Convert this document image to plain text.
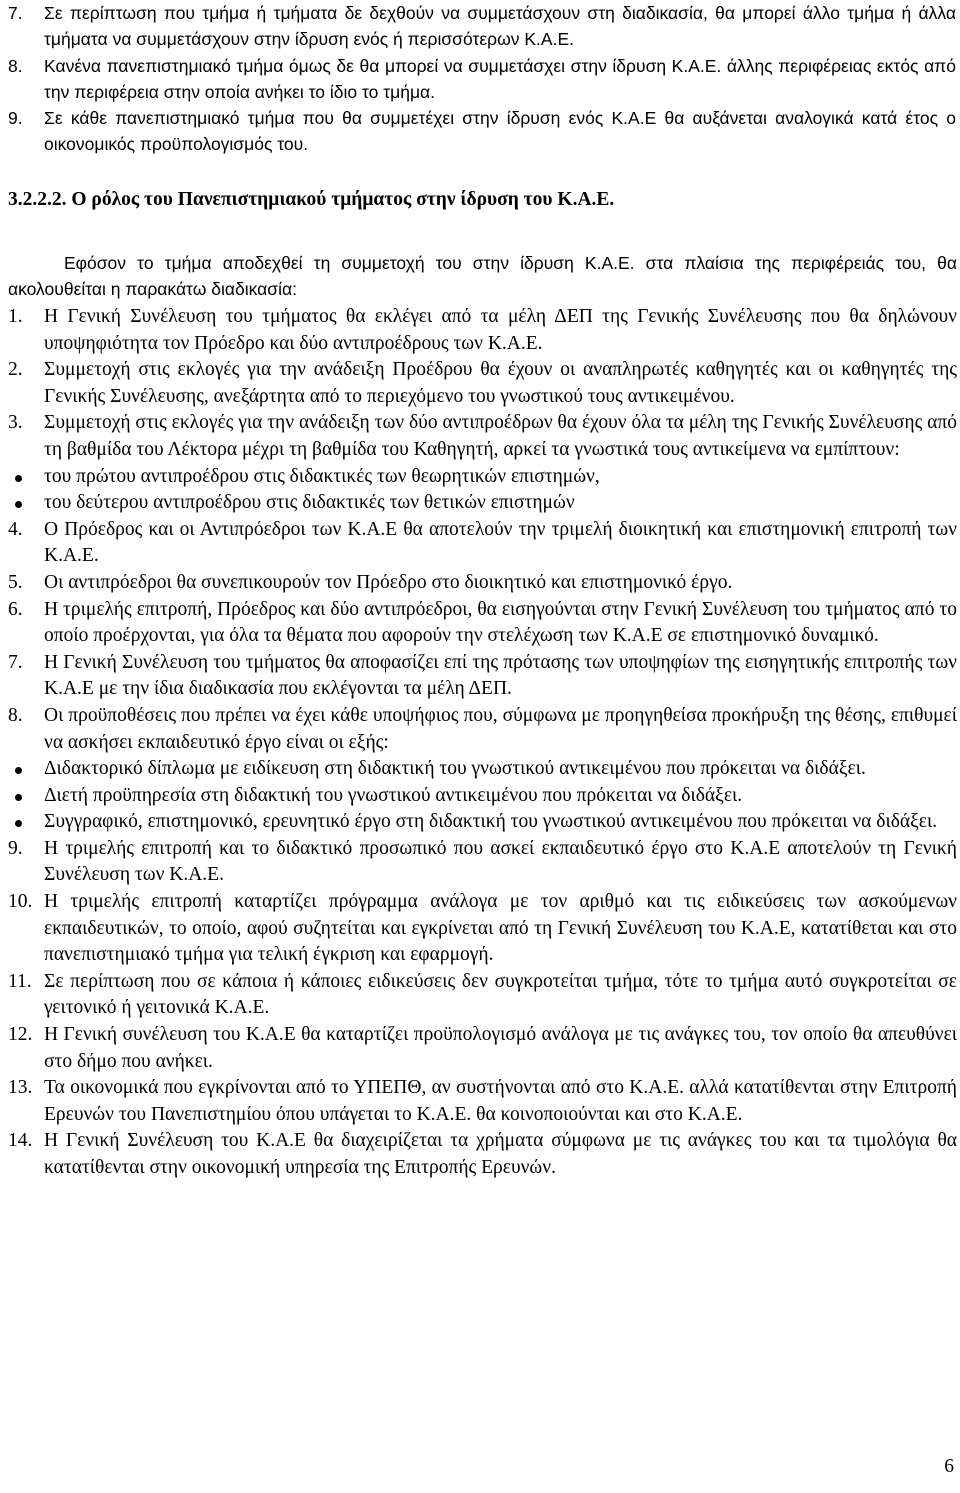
7. Σε περίπτωση που τμήμα ή τμήματα δε δεχθούν να συμμετάσχουν στη διαδικασία, θα μπορεί άλλο τμήμα ή άλλα τμήματα να συμμετάσχουν στην ίδρυση ενός ή περισσότερων Κ.Α.Ε.

8. Κανένα πανεπιστημιακό τμήμα όμως δε θα μπορεί να συμμετάσχει στην ίδρυση Κ.Α.Ε. άλλης περιφέρειας εκτός από την περιφέρεια στην οποία ανήκει το ίδιο το τμήμα.

9. Σε κάθε πανεπιστημιακό τμήμα που θα συμμετέχει στην ίδρυση ενός Κ.Α.Ε θα αυξάνεται αναλογικά κατά έτος ο οικονομικός προϋπολογισμός του.

3.2.2.2. Ο ρόλος του Πανεπιστημιακού τμήματος στην ίδρυση του Κ.Α.Ε.

Εφόσον το τμήμα αποδεχθεί τη συμμετοχή του στην ίδρυση Κ.Α.Ε. στα πλαίσια της περιφέρειάς του, θα ακολουθείται η παρακάτω διαδικασία:

1. Η Γενική Συνέλευση του τμήματος θα εκλέγει από τα μέλη ΔΕΠ της Γενικής Συνέλευσης που θα δηλώνουν υποψηφιότητα τον Πρόεδρο και δύο αντιπροέδρους των Κ.Α.Ε.

2. Συμμετοχή στις εκλογές για την ανάδειξη Προέδρου θα έχουν οι αναπληρωτές καθηγητές και οι καθηγητές της Γενικής Συνέλευσης, ανεξάρτητα από το περιεχόμενο του γνωστικού τους αντικειμένου.

3. Συμμετοχή στις εκλογές για την ανάδειξη των δύο αντιπροέδρων θα έχουν όλα τα μέλη της Γενικής Συνέλευσης από τη βαθμίδα του Λέκτορα μέχρι τη βαθμίδα του Καθηγητή, αρκεί τα γνωστικά τους αντικείμενα να εμπίπτουν:

του πρώτου αντιπροέδρου στις διδακτικές των θεωρητικών επιστημών,
του δεύτερου αντιπροέδρου στις διδακτικές των θετικών επιστημών

4. Ο Πρόεδρος και οι Αντιπρόεδροι των Κ.Α.Ε θα αποτελούν την τριμελή διοικητική και επιστημονική επιτροπή των Κ.Α.Ε.

5. Οι αντιπρόεδροι θα συνεπικουρούν τον Πρόεδρο στο διοικητικό και επιστημονικό έργο.

6. Η τριμελής επιτροπή, Πρόεδρος και δύο αντιπρόεδροι, θα εισηγούνται στην Γενική Συνέλευση του τμήματος από το οποίο προέρχονται, για όλα τα θέματα που αφορούν την στελέχωση των Κ.Α.Ε σε επιστημονικό δυναμικό.

7. Η Γενική Συνέλευση του τμήματος θα αποφασίζει επί της πρότασης των υποψηφίων της εισηγητικής επιτροπής των Κ.Α.Ε με την ίδια διαδικασία που εκλέγονται τα μέλη ΔΕΠ.

8. Οι προϋποθέσεις που πρέπει να έχει κάθε υποψήφιος που, σύμφωνα με προηγηθείσα προκήρυξη της θέσης, επιθυμεί να ασκήσει εκπαιδευτικό έργο είναι οι εξής:

Διδακτορικό δίπλωμα με ειδίκευση στη διδακτική του γνωστικού αντικειμένου που πρόκειται να διδάξει.
Διετή προϋπηρεσία στη διδακτική του γνωστικού αντικειμένου που πρόκειται να διδάξει.
Συγγραφικό, επιστημονικό, ερευνητικό έργο στη διδακτική του γνωστικού αντικειμένου που πρόκειται να διδάξει.

9. Η τριμελής επιτροπή και το διδακτικό προσωπικό που ασκεί εκπαιδευτικό έργο στο Κ.Α.Ε αποτελούν τη Γενική Συνέλευση των Κ.Α.Ε.

10. Η τριμελής επιτροπή καταρτίζει πρόγραμμα ανάλογα με τον αριθμό και τις ειδικεύσεις των ασκούμενων εκπαιδευτικών, το οποίο, αφού συζητείται και εγκρίνεται από τη Γενική Συνέλευση του Κ.Α.Ε, κατατίθεται και στο πανεπιστημιακό τμήμα για τελική έγκριση και εφαρμογή.

11. Σε περίπτωση που σε κάποια ή κάποιες ειδικεύσεις δεν συγκροτείται τμήμα, τότε το τμήμα αυτό συγκροτείται σε γειτονικό ή γειτονικά Κ.Α.Ε.

12. Η Γενική συνέλευση του Κ.Α.Ε θα καταρτίζει προϋπολογισμό ανάλογα με τις ανάγκες του, τον οποίο θα απευθύνει στο δήμο που ανήκει.

13. Τα οικονομικά που εγκρίνονται από το ΥΠΕΠΘ, αν συστήνονται από στο Κ.Α.Ε. αλλά κατατίθενται στην Επιτροπή Ερευνών του Πανεπιστημίου όπου υπάγεται το Κ.Α.Ε. θα κοινοποιούνται και στο Κ.Α.Ε.

14. Η Γενική Συνέλευση του Κ.Α.Ε θα διαχειρίζεται τα χρήματα σύμφωνα με τις ανάγκες του και τα τιμολόγια θα κατατίθενται στην οικονομική υπηρεσία της Επιτροπής Ερευνών.

6
